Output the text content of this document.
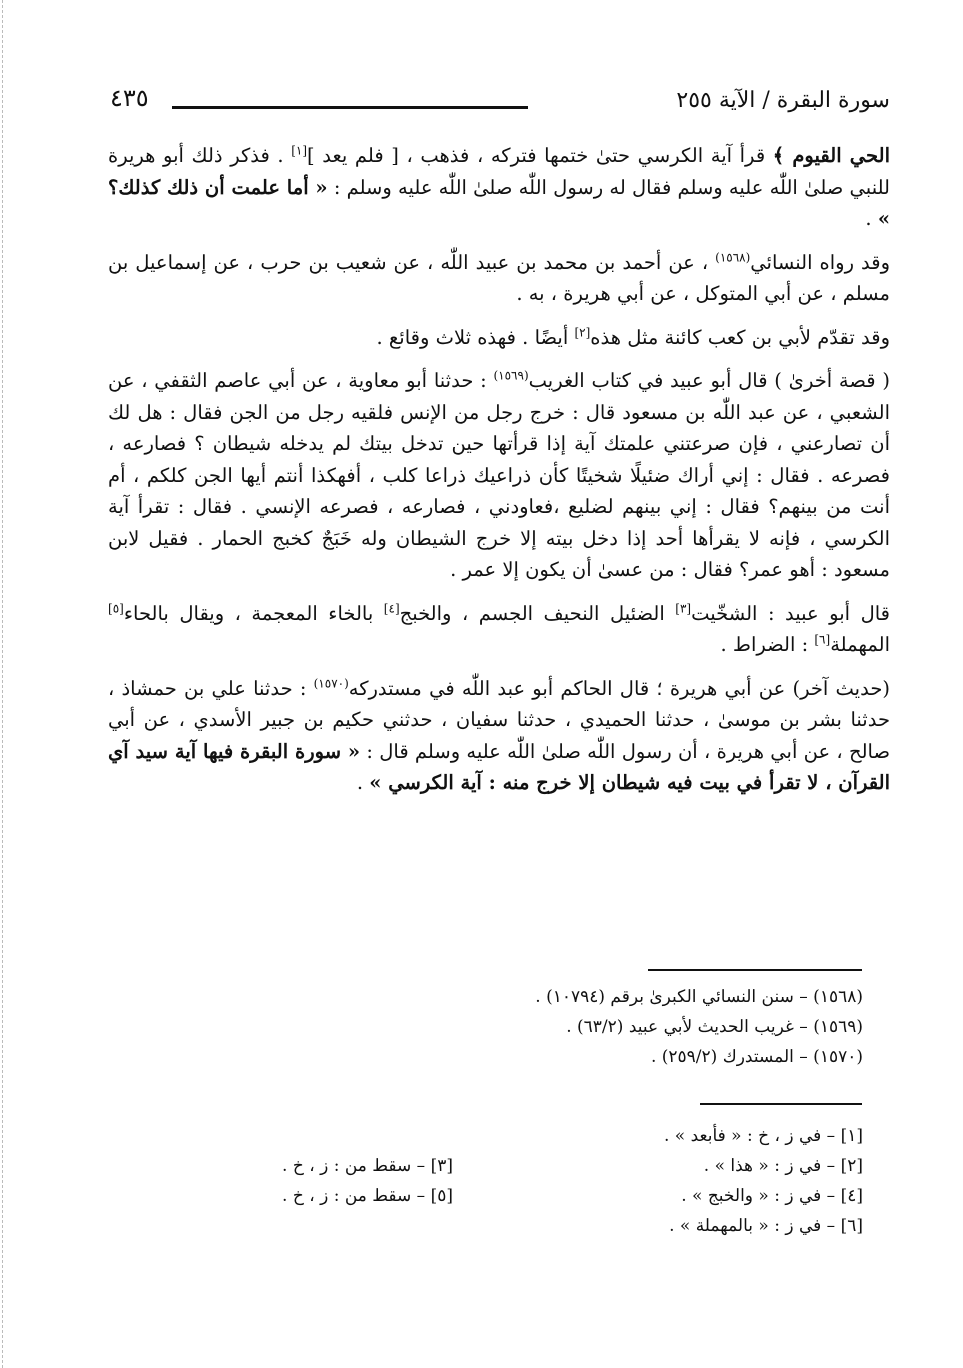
سورة البقرة / الآية ٢٥٥
٤٣٥

الحي القيوم ﴾ قرأ آية الكرسي حتىٰ ختمها فتركه ، فذهب ، [ فلم يعد ][١] . فذكر ذلك أبو هريرة للنبي صلىٰ اللّٰه عليه وسلم فقال له رسول اللّٰه صلىٰ اللّٰه عليه وسلم : « أما علمت أن ذلك كذلك؟ » .

وقد رواه النسائي$^{(١٥٦٨)}$ ، عن أحمد بن محمد بن عبيد اللّٰه ، عن شعيب بن حرب ، عن إسماعيل بن مسلم ، عن أبي المتوكل ، عن أبي هريرة ، به .

وقد تقدّم لأبي بن كعب كائنة مثل هذه[٢] أيضًا . فهذه ثلاث وقائع .

( قصة أخرىٰ ) قال أبو عبيد في كتاب الغريب$^{(١٥٦٩)}$ : حدثنا أبو معاوية ، عن أبي عاصم الثقفي ، عن الشعبي ، عن عبد اللّٰه بن مسعود قال : خرج رجل من الإنس فلقيه رجل من الجن فقال : هل لك أن تصارعني ، فإن صرعتني علمتك آية إذا قرأتها حين تدخل بيتك لم يدخله شيطان ؟ فصارعه ، فصرعه . فقال : إني أراك ضئيلًا شخيتًا كأن ذراعيك ذراعا كلب ، أفهكذا أنتم أيها الجن كلكم ، أم أنت من بينهم؟ فقال : إني بينهم لضليع ،فعاودني ، فصارعه ، فصرعه الإنسي . فقال : تقرأ آية الكرسي ، فإنه لا يقرأها أحد إذا دخل بيته إلا خرج الشيطان وله خَبَجٌ كخبج الحمار . فقيل لابن مسعود : أهو عمر؟ فقال : من عسىٰ أن يكون إلا عمر .

قال أبو عبيد : الشخّيت[٣] الضئيل النحيف الجسم ، والخبج[٤] بالخاء المعجمة ، ويقال بالحاء[٥] المهملة[٦] : الضراط .

(حديث آخر) عن أبي هريرة ؛ قال الحاكم أبو عبد اللّٰه في مستدركه$^{(١٥٧٠)}$ : حدثنا علي بن حمشاذ ، حدثنا بشر بن موسىٰ ، حدثنا الحميدي ، حدثنا سفيان ، حدثني حكيم بن جبير الأسدي ، عن أبي صالح ، عن أبي هريرة ، أن رسول اللّٰه صلىٰ اللّٰه عليه وسلم قال : « سورة البقرة فيها آية سيد آي القرآن ، لا تقرأ في بيت فيه شيطان إلا خرج منه : آية الكرسي » .

(١٥٦٨) – سنن النسائي الكبرىٰ برقم (١٠٧٩٤) .
(١٥٦٩) – غريب الحديث لأبي عبيد (٦٣/٢) .
(١٥٧٠) – المستدرك (٢٥٩/٢) .
[١] – في ز ، خ : « فأبعد » .
[٢] – في ز : « هذا » .
[٤] – في ز : « والخبج » .
[٦] – في ز : « بالمهملة » .
[٣] – سقط من : ز ، خ .
[٥] – سقط من : ز ، خ .
